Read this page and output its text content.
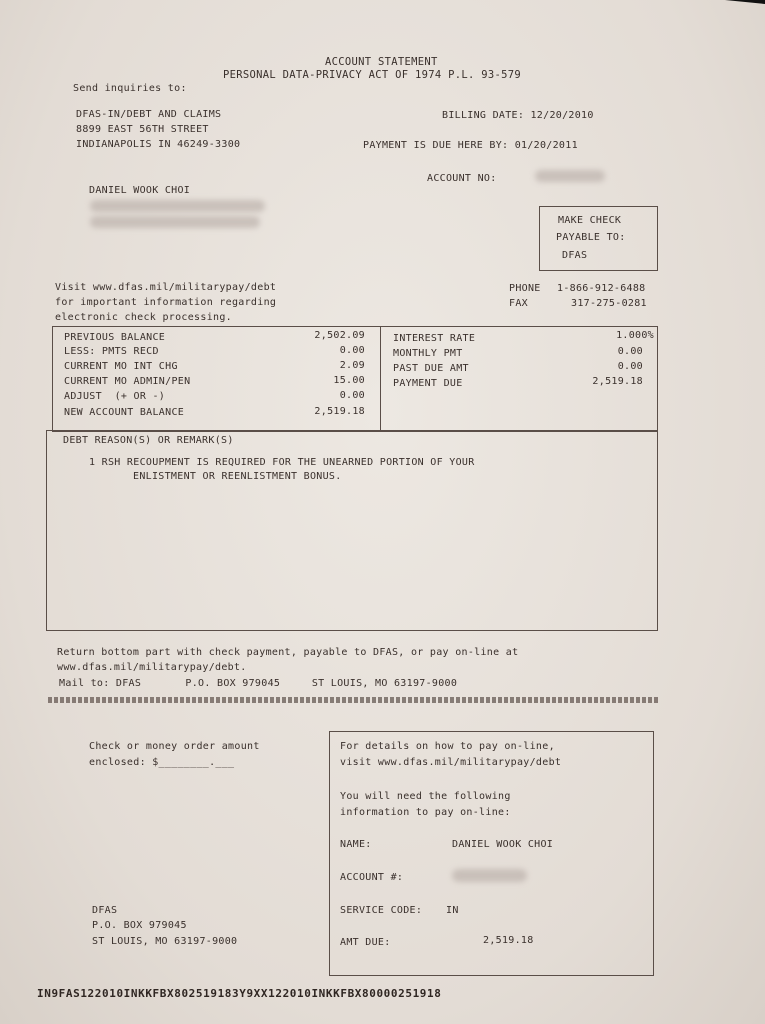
ACCOUNT STATEMENT
PERSONAL DATA-PRIVACY ACT OF 1974 P.L. 93-579
Send inquiries to:
DFAS-IN/DEBT AND CLAIMS
8899 EAST 56TH STREET
INDIANAPOLIS IN 46249-3300
BILLING DATE: 12/20/2010
PAYMENT IS DUE HERE BY: 01/20/2011
ACCOUNT NO:
DANIEL WOOK CHOI
MAKE CHECK
PAYABLE TO:
DFAS
Visit www.dfas.mil/militarypay/debt
for important information regarding
electronic check processing.
PHONE 1-866-912-6488
FAX	317-275-0281
PREVIOUS BALANCE	2,502.09
LESS: PMTS RECD	0.00
CURRENT MO INT CHG	2.09
CURRENT MO ADMIN/PEN	15.00
ADJUST  (+ OR -)	0.00
NEW ACCOUNT BALANCE	2,519.18
INTEREST RATE	1.000%
MONTHLY PMT	0.00
PAST DUE AMT	0.00
PAYMENT DUE	2,519.18
DEBT REASON(S) OR REMARK(S)
1 RSH RECOUPMENT IS REQUIRED FOR THE UNEARNED PORTION OF YOUR
ENLISTMENT OR REENLISTMENT BONUS.
Return bottom part with check payment, payable to DFAS, or pay on-line at
www.dfas.mil/militarypay/debt.
Mail to: DFAS       P.O. BOX 979045     ST LOUIS, MO 63197-9000
Check or money order amount
enclosed: $________.___
DFAS
P.O. BOX 979045
ST LOUIS, MO 63197-9000
For details on how to pay on-line,
visit www.dfas.mil/militarypay/debt
You will need the following
information to pay on-line:
NAME:	DANIEL WOOK CHOI
ACCOUNT #:
SERVICE CODE: IN
AMT DUE:	2,519.18
IN9FAS122010INKKFBX802519183Y9XX122010INKKFBX80000251918
